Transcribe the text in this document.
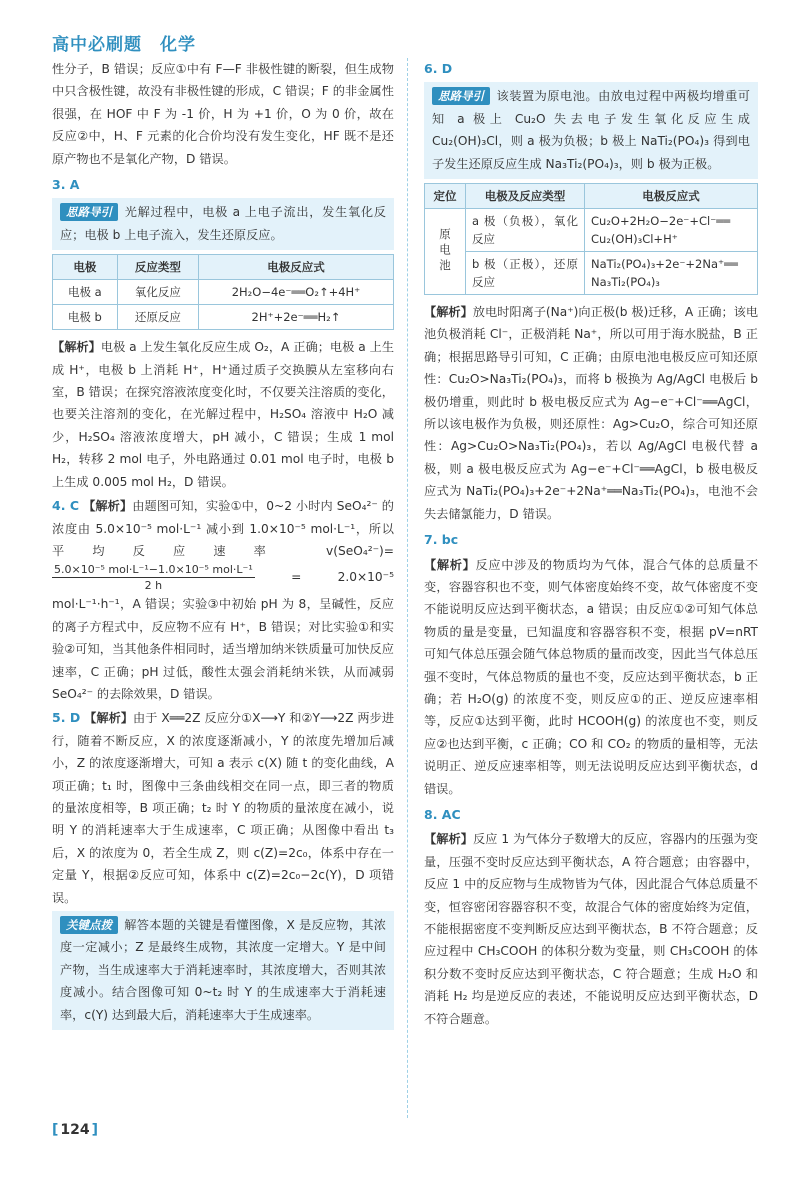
高中必刷题　化学

性分子，B 错误；反应①中有 F—F 非极性键的断裂，但生成物中只含极性键，故没有非极性键的形成，C 错误；F 的非金属性很强，在 HOF 中 F 为 -1 价，H 为 +1 价，O 为 0 价，故在反应②中，H、F 元素的化合价均没有发生变化，HF 既不是还原产物也不是氧化产物，D 错误。

3. A
思路导引 光解过程中，电极 a 上电子流出，发生氧化反应；电极 b 上电子流入，发生还原反应。
电极	反应类型	电极反应式
电极 a	氧化反应	2H₂O−4e⁻══O₂↑+4H⁺
电极 b	还原反应	2H⁺+2e⁻══H₂↑

【解析】电极 a 上发生氧化反应生成 O₂，A 正确；电极 a 上生成 H⁺，电极 b 上消耗 H⁺，H⁺通过质子交换膜从左室移向右室，B 错误；在探究溶液浓度变化时，不仅要关注溶质的变化，也要关注溶剂的变化，在光解过程中，H₂SO₄ 溶液中 H₂O 减少，H₂SO₄ 溶液浓度增大，pH 减小，C 错误；生成 1 mol H₂，转移 2 mol 电子，外电路通过 0.01 mol 电子时，电极 b 上生成 0.005 mol H₂，D 错误。

4. C 【解析】由题图可知，实验①中，0~2 小时内 SeO₄²⁻ 的浓度由 5.0×10⁻⁵ mol·L⁻¹ 减小到 1.0×10⁻⁵ mol·L⁻¹，所以平均反应速率 v(SeO₄²⁻)=
$\frac{\text{5.0×10⁻⁵ mol·L⁻¹−1.0×10⁻⁵ mol·L⁻¹}}{2 h}$	= 2.0×10⁻⁵ mol·L⁻¹·h⁻¹，A 错误；实验③中初始 pH 为 8，呈碱性，反应的离子方程式中，反应物不应有 H⁺，B 错误；对比实验①和实验②可知，当其他条件相同时，适当增加纳米铁质量可加快反应速率，C 正确；pH 过低，酸性太强会消耗纳米铁，从而减弱 SeO₄²⁻ 的去除效果，D 错误。

5. D 【解析】由于 X══2Z 反应分①X⟶Y 和②Y⟶2Z 两步进行，随着不断反应，X 的浓度逐渐减小，Y 的浓度先增加后减小，Z 的浓度逐渐增大，可知 a 表示 c(X) 随 t 的变化曲线，A 项正确；t₁ 时，图像中三条曲线相交在同一点，即三者的物质的量浓度相等，B 项正确；t₂ 时 Y 的物质的量浓度在减小，说明 Y 的消耗速率大于生成速率，C 项正确；从图像中看出 t₃ 后，X 的浓度为 0，若全生成 Z，则 c(Z)=2c₀，体系中存在一定量 Y，根据②反应可知，体系中 c(Z)=2c₀−2c(Y)，D 项错误。

关键点拨 解答本题的关键是看懂图像，X 是反应物，其浓度一定减小；Z 是最终生成物，其浓度一定增大。Y 是中间产物，当生成速率大于消耗速率时，其浓度增大，否则其浓度减小。结合图像可知 0~t₂ 时 Y 的生成速率大于消耗速率，c(Y) 达到最大后，消耗速率大于生成速率。
6. D
思路导引 该装置为原电池。由放电过程中两极均增重可知 a 极上 Cu₂O 失去电子发生氧化反应生成 Cu₂(OH)₃Cl，则 a 极为负极；b 极上 NaTi₂(PO₄)₃ 得到电子发生还原反应生成 Na₃Ti₂(PO₄)₃，则 b 极为正极。
定位	电极及反应类型	电极反应式
原电池	a 极（负极），氧化反应	Cu₂O+2H₂O−2e⁻+Cl⁻══ Cu₂(OH)₃Cl+H⁺
	b 极（正极），还原反应	NaTi₂(PO₄)₃+2e⁻+2Na⁺══ Na₃Ti₂(PO₄)₃

【解析】放电时阳离子(Na⁺)向正极(b 极)迁移，A 正确；该电池负极消耗 Cl⁻，正极消耗 Na⁺，所以可用于海水脱盐，B 正确；根据思路导引可知，C 正确；由原电池电极反应可知还原性：Cu₂O>Na₃Ti₂(PO₄)₃，而将 b 极换为 Ag/AgCl 电极后 b 极仍增重，则此时 b 极电极反应式为 Ag−e⁻+Cl⁻══AgCl，所以该电极作为负极，则还原性：Ag>Cu₂O，综合可知还原性：Ag>Cu₂O>Na₃Ti₂(PO₄)₃，若以 Ag/AgCl 电极代替 a 极，则 a 极电极反应式为 Ag−e⁻+Cl⁻══AgCl，b 极电极反应式为 NaTi₂(PO₄)₃+2e⁻+2Na⁺══Na₃Ti₂(PO₄)₃，电池不会失去储氯能力，D 错误。

7. bc

【解析】反应中涉及的物质均为气体，混合气体的总质量不变，容器容积也不变，则气体密度始终不变，故气体密度不变不能说明反应达到平衡状态，a 错误；由反应①②可知气体总物质的量是变量，已知温度和容器容积不变，根据 pV=nRT 可知气体总压强会随气体总物质的量而改变，因此当气体总压强不变时，气体总物质的量也不变，反应达到平衡状态，b 正确；若 H₂O(g) 的浓度不变，则反应①的正、逆反应速率相等，反应①达到平衡，此时 HCOOH(g) 的浓度也不变，则反应②也达到平衡，c 正确；CO 和 CO₂ 的物质的量相等，无法说明正、逆反应速率相等，则无法说明反应达到平衡状态，d 错误。

8. AC

【解析】反应 1 为气体分子数增大的反应，容器内的压强为变量，压强不变时反应达到平衡状态，A 符合题意；由容器中，反应 1 中的反应物与生成物皆为气体，因此混合气体总质量不变，恒容密闭容器容积不变，故混合气体的密度始终为定值，不能根据密度不变判断反应达到平衡状态，B 不符合题意；反应过程中 CH₃COOH 的体积分数为变量，则 CH₃COOH 的体积分数不变时反应达到平衡状态，C 符合题意；生成 H₂O 和消耗 H₂ 均是逆反应的表述，不能说明反应达到平衡状态，D 不符合题意。

[ 124 ]
